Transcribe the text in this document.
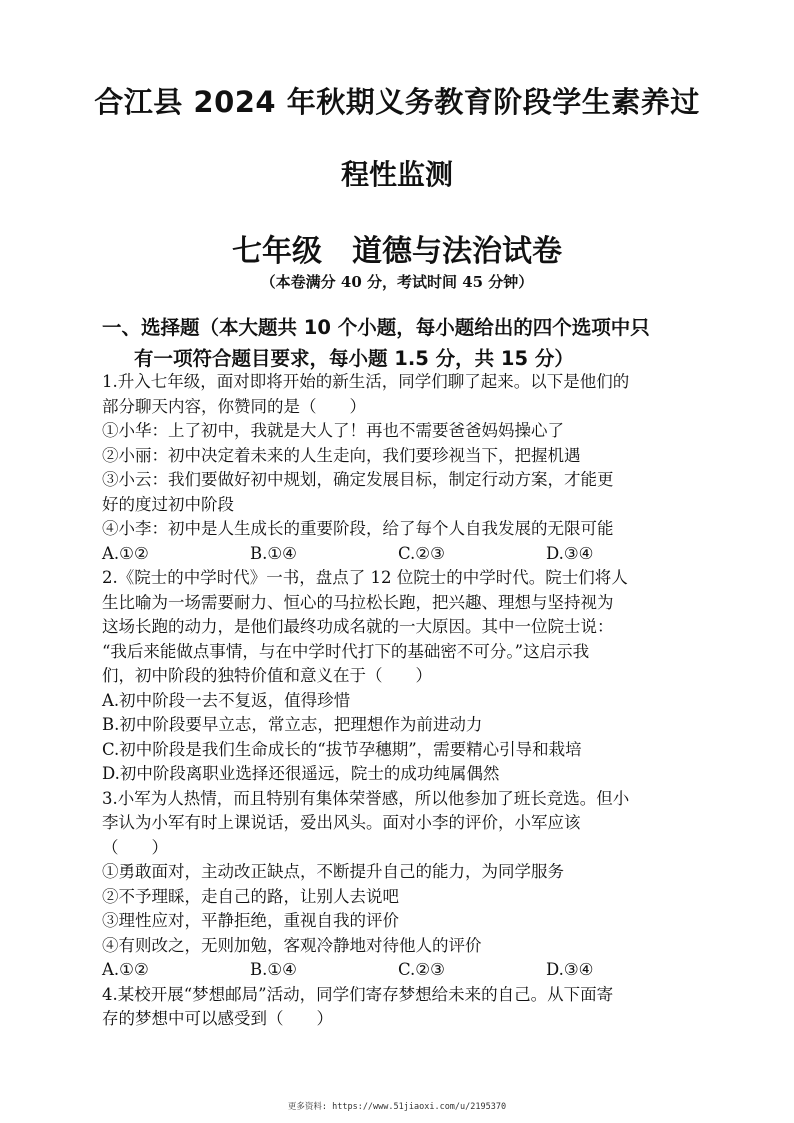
合江县 2024 年秋期义务教育阶段学生素养过
程性监测
七年级　道德与法治试卷
（本卷满分 40 分，考试时间 45 分钟）
一、选择题（本大题共 10 个小题，每小题给出的四个选项中只
有一项符合题目要求，每小题 1.5 分，共 15 分）
1.升入七年级，面对即将开始的新生活，同学们聊了起来。以下是他们的
部分聊天内容，你赞同的是（　　）
①小华：上了初中，我就是大人了！再也不需要爸爸妈妈操心了
②小丽：初中决定着未来的人生走向，我们要珍视当下，把握机遇
③小云：我们要做好初中规划，确定发展目标，制定行动方案，才能更
好的度过初中阶段
④小李：初中是人生成长的重要阶段，给了每个人自我发展的无限可能
A.①②	B.①④	C.②③	D.③④
2.《院士的中学时代》一书，盘点了 12 位院士的中学时代。院士们将人
生比喻为一场需要耐力、恒心的马拉松长跑，把兴趣、理想与坚持视为
这场长跑的动力，是他们最终功成名就的一大原因。其中一位院士说：
“我后来能做点事情，与在中学时代打下的基础密不可分。”这启示我
们，初中阶段的独特价值和意义在于（　　）
A.初中阶段一去不复返，值得珍惜
B.初中阶段要早立志，常立志，把理想作为前进动力
C.初中阶段是我们生命成长的“拔节孕穗期”，需要精心引导和栽培
D.初中阶段离职业选择还很遥远，院士的成功纯属偶然
3.小军为人热情，而且特别有集体荣誉感，所以他参加了班长竞选。但小
李认为小军有时上课说话，爱出风头。面对小李的评价，小军应该
（　　）
①勇敢面对，主动改正缺点，不断提升自己的能力，为同学服务
②不予理睬，走自己的路，让别人去说吧
③理性应对，平静拒绝，重视自我的评价
④有则改之，无则加勉，客观冷静地对待他人的评价
A.①②	B.①④	C.②③	D.③④
4.某校开展“梦想邮局”活动，同学们寄存梦想给未来的自己。从下面寄
存的梦想中可以感受到（　　）
更多资料: https://www.51jiaoxi.com/u/2195370
